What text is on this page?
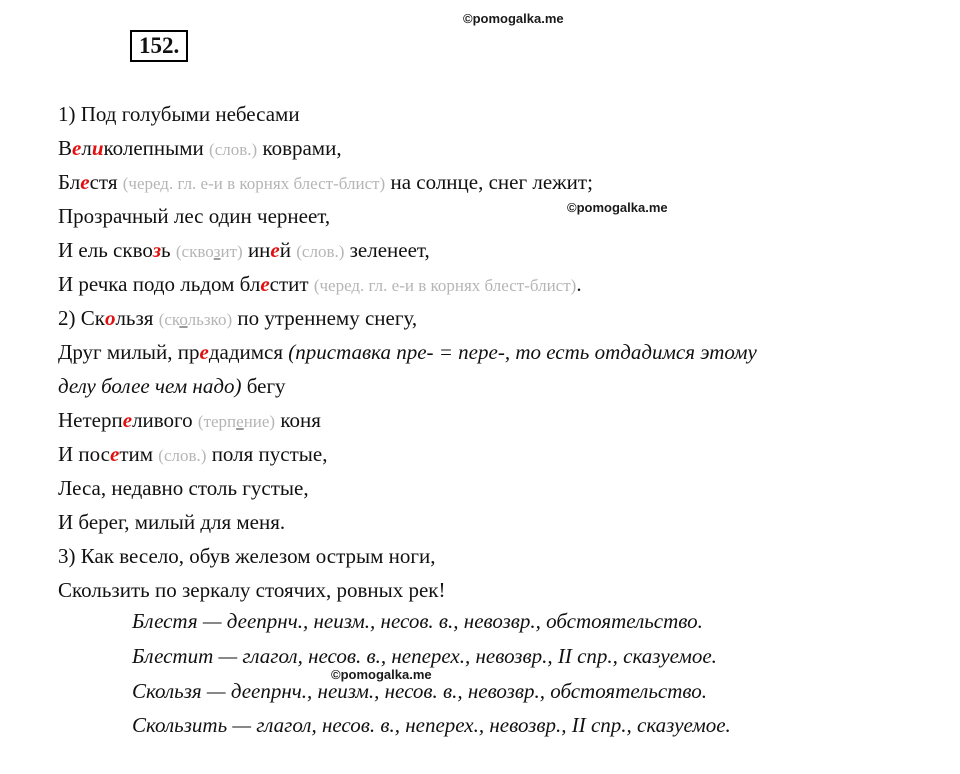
152.
©pomogalka.me
©pomogalka.me
©pomogalka.me
1) Под голубыми небесами
Великолепными (слов.) коврами,
Блестя (черед. гл. е-и в корнях блест-блист) на солнце, снег лежит;
Прозрачный лес один чернеет,
И ель сквозь (сквозит) иней (слов.) зеленеет,
И речка подо льдом блестит (черед. гл. е-и в корнях блест-блист).
2) Скользя (скользко) по утреннему снегу,
Друг милый, предадимся (приставка пре- = пере-, то есть отдадимся этому
делу более чем надо) бегу
Нетерпеливого (терпение) коня
И посетим (слов.) поля пустые,
Леса, недавно столь густые,
И берег, милый для меня.
3) Как весело, обув железом острым ноги,
Скользить по зеркалу стоячих, ровных рек!
Блестя — деепрнч., неизм., несов. в., невозвр., обстоятельство.
Блестит — глагол, несов. в., неперех., невозвр., II спр., сказуемое.
Скользя — деепрнч., неизм., несов. в., невозвр., обстоятельство.
Скользить — глагол, несов. в., неперех., невозвр., II спр., сказуемое.
